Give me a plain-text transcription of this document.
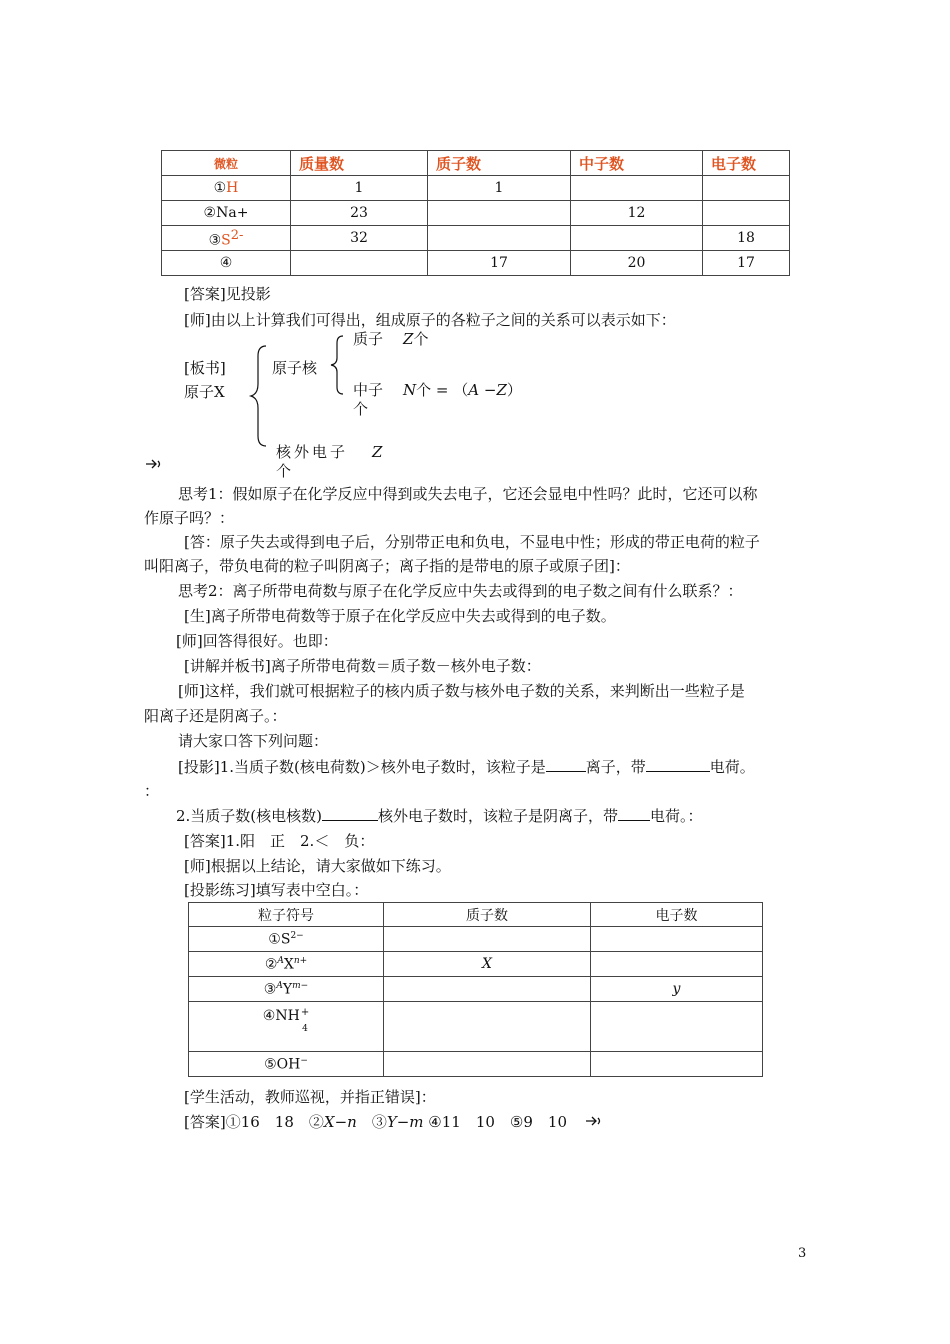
微粒	质量数	质子数	中子数	电子数
①H	1	1		
②Na+	23		12	
$③S^{2-}$	32			18
④		17	20	17
[答案]见投影
[师]由以上计算我们可得出，组成原子的各粒子之间的关系可以表示如下：
[板书]
原子X
原子核
质子 Z个
中子 N个 = （A −Z）
个
核外电子 Z
个
思考1：假如原子在化学反应中得到或失去电子，它还会显电中性吗？此时，它还可以称
作原子吗？：
[答：原子失去或得到电子后，分别带正电和负电，不显电中性；形成的带正电荷的粒子
叫阳离子，带负电荷的粒子叫阴离子；离子指的是带电的原子或原子团]：
思考2：离子所带电荷数与原子在化学反应中失去或得到的电子数之间有什么联系？：
[生]离子所带电荷数等于原子在化学反应中失去或得到的电子数。
[师]回答得很好。也即：
[讲解并板书]离子所带电荷数＝质子数－核外电子数：
[师]这样，我们就可根据粒子的核内质子数与核外电子数的关系，来判断出一些粒子是
阳离子还是阴离子。：
请大家口答下列问题：
[投影]1.当质子数(核电荷数)＞核外电子数时，该粒子是	离子，带	电荷。
：
2.当质子数(核电核数)	核外电子数时，该粒子是阴离子，带 电荷。：
[答案]1.阳　正　2.＜　负：
[师]根据以上结论，请大家做如下练习。
[投影练习]填写表中空白。：
粒子符号	质子数	电子数
$①S^{2-}$		
$②^AX^{n+}$	X	
$③^AY^{m-}$		y
④NH +
4		

⑤OH−		
[学生活动，教师巡视，并指正错误]：
[答案]①16　18　②X−n　③Y−m ④11　10　⑤9　10
3
